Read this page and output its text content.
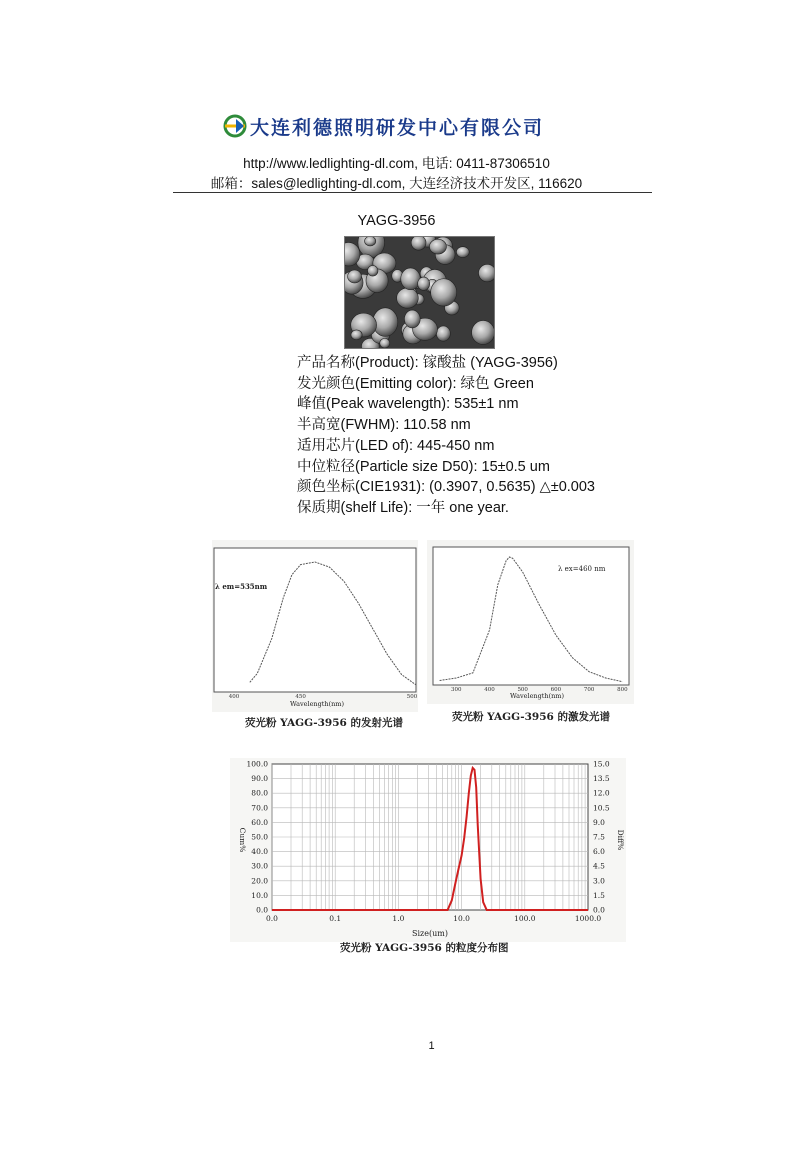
大连利德照明研发中心有限公司
http://www.ledlighting-dl.com, 电话: 0411-87306510
邮箱：sales@ledlighting-dl.com, 大连经济技术开发区, 116620
YAGG-3956
产品名称(Product): 镓酸盐 (YAGG-3956)
发光颜色(Emitting color): 绿色 Green
峰值(Peak wavelength): 535±1 nm
半高宽(FWHM): 110.58 nm
适用芯片(LED of): 445-450 nm
中位粒径(Particle size D50): 15±0.5 um
颜色坐标(CIE1931): (0.3907, 0.5635) △±0.003
保质期(shelf Life): 一年 one year.
λ em=535nm
400	450	500
Wavelength(nm)
荧光粉 YAGG-3956 的发射光谱
λ ex=460 nm
300	400	500	600	700	800
Wavelength(nm)
荧光粉 YAGG-3956 的激发光谱
0.0
10.0
20.0
30.0
40.0
50.0
60.0
70.0
80.0
90.0
100.0
0.0
1.5
3.0
4.5
6.0
7.5
9.0
10.5
12.0
13.5
15.0
0.0	0.1	1.0	10.0	100.0	1000.0
Cum%	Diff%
Size(um)
荧光粉 YAGG-3956 的粒度分布图
1
